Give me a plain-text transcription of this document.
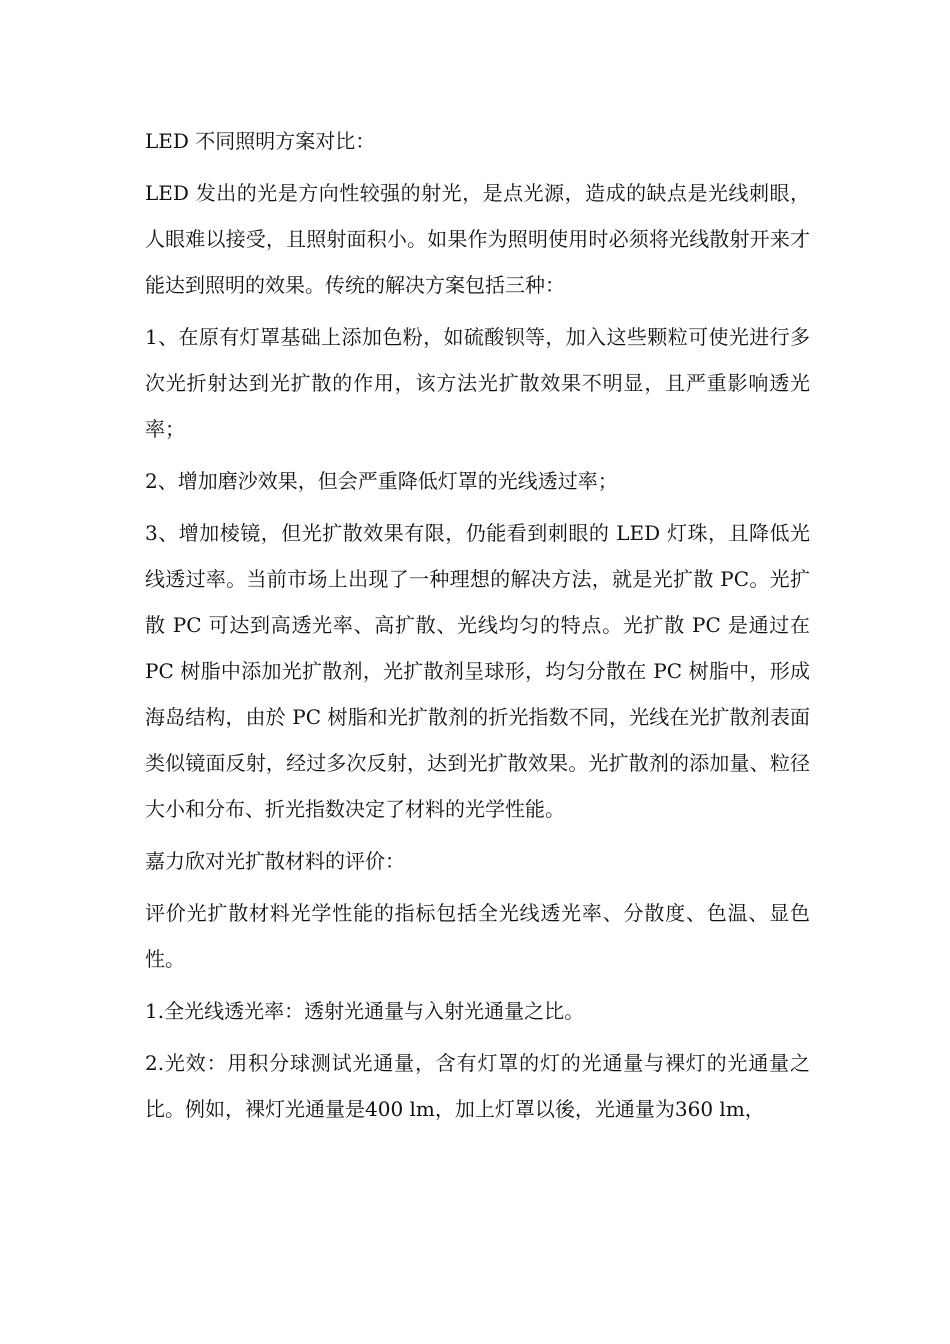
LED 不同照明方案对比：

LED 发出的光是方向性较强的射光，是点光源，造成的缺点是光线刺眼，人眼难以接受，且照射面积小。如果作为照明使用时必须将光线散射开来才能达到照明的效果。传统的解决方案包括三种：

1、在原有灯罩基础上添加色粉，如硫酸钡等，加入这些颗粒可使光进行多次光折射达到光扩散的作用，该方法光扩散效果不明显，且严重影响透光率；

2、增加磨沙效果，但会严重降低灯罩的光线透过率；

3、增加棱镜，但光扩散效果有限，仍能看到刺眼的 LED 灯珠，且降低光线透过率。当前市场上出现了一种理想的解决方法，就是光扩散 PC。光扩散 PC 可达到高透光率、高扩散、光线均匀的特点。光扩散 PC 是通过在 PC 树脂中添加光扩散剂，光扩散剂呈球形，均匀分散在 PC 树脂中，形成海岛结构，由於 PC 树脂和光扩散剂的折光指数不同，光线在光扩散剂表面类似镜面反射，经过多次反射，达到光扩散效果。光扩散剂的添加量、粒径大小和分布、折光指数决定了材料的光学性能。

嘉力欣对光扩散材料的评价：

评价光扩散材料光学性能的指标包括全光线透光率、分散度、色温、显色性。

1.全光线透光率：透射光通量与入射光通量之比。

2.光效：用积分球测试光通量，含有灯罩的灯的光通量与裸灯的光通量之比。例如，裸灯光通量是400 lm，加上灯罩以後，光通量为360 lm，
